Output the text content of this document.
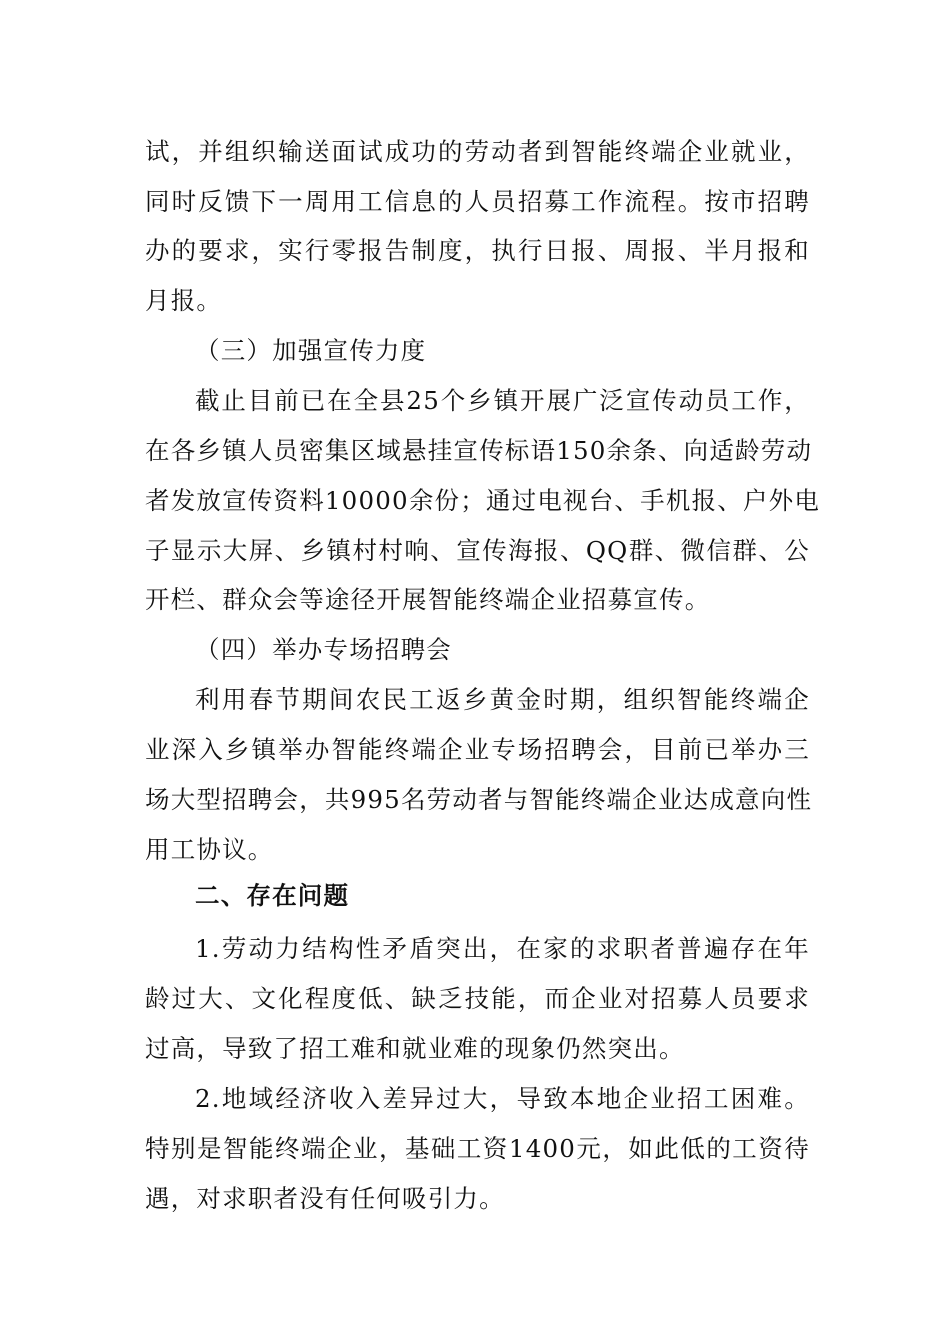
试，并组织输送面试成功的劳动者到智能终端企业就业，
同时反馈下一周用工信息的人员招募工作流程。按市招聘
办的要求，实行零报告制度，执行日报、周报、半月报和
月报。
（三）加强宣传力度
截止目前已在全县25个乡镇开展广泛宣传动员工作，
在各乡镇人员密集区域悬挂宣传标语150余条、向适龄劳动
者发放宣传资料10000余份；通过电视台、手机报、户外电
子显示大屏、乡镇村村响、宣传海报、QQ群、微信群、公
开栏、群众会等途径开展智能终端企业招募宣传。
（四）举办专场招聘会
利用春节期间农民工返乡黄金时期，组织智能终端企
业深入乡镇举办智能终端企业专场招聘会，目前已举办三
场大型招聘会，共995名劳动者与智能终端企业达成意向性
用工协议。
二、存在问题
1.劳动力结构性矛盾突出，在家的求职者普遍存在年
龄过大、文化程度低、缺乏技能，而企业对招募人员要求
过高，导致了招工难和就业难的现象仍然突出。
2.地域经济收入差异过大，导致本地企业招工困难。
特别是智能终端企业，基础工资1400元，如此低的工资待
遇，对求职者没有任何吸引力。
